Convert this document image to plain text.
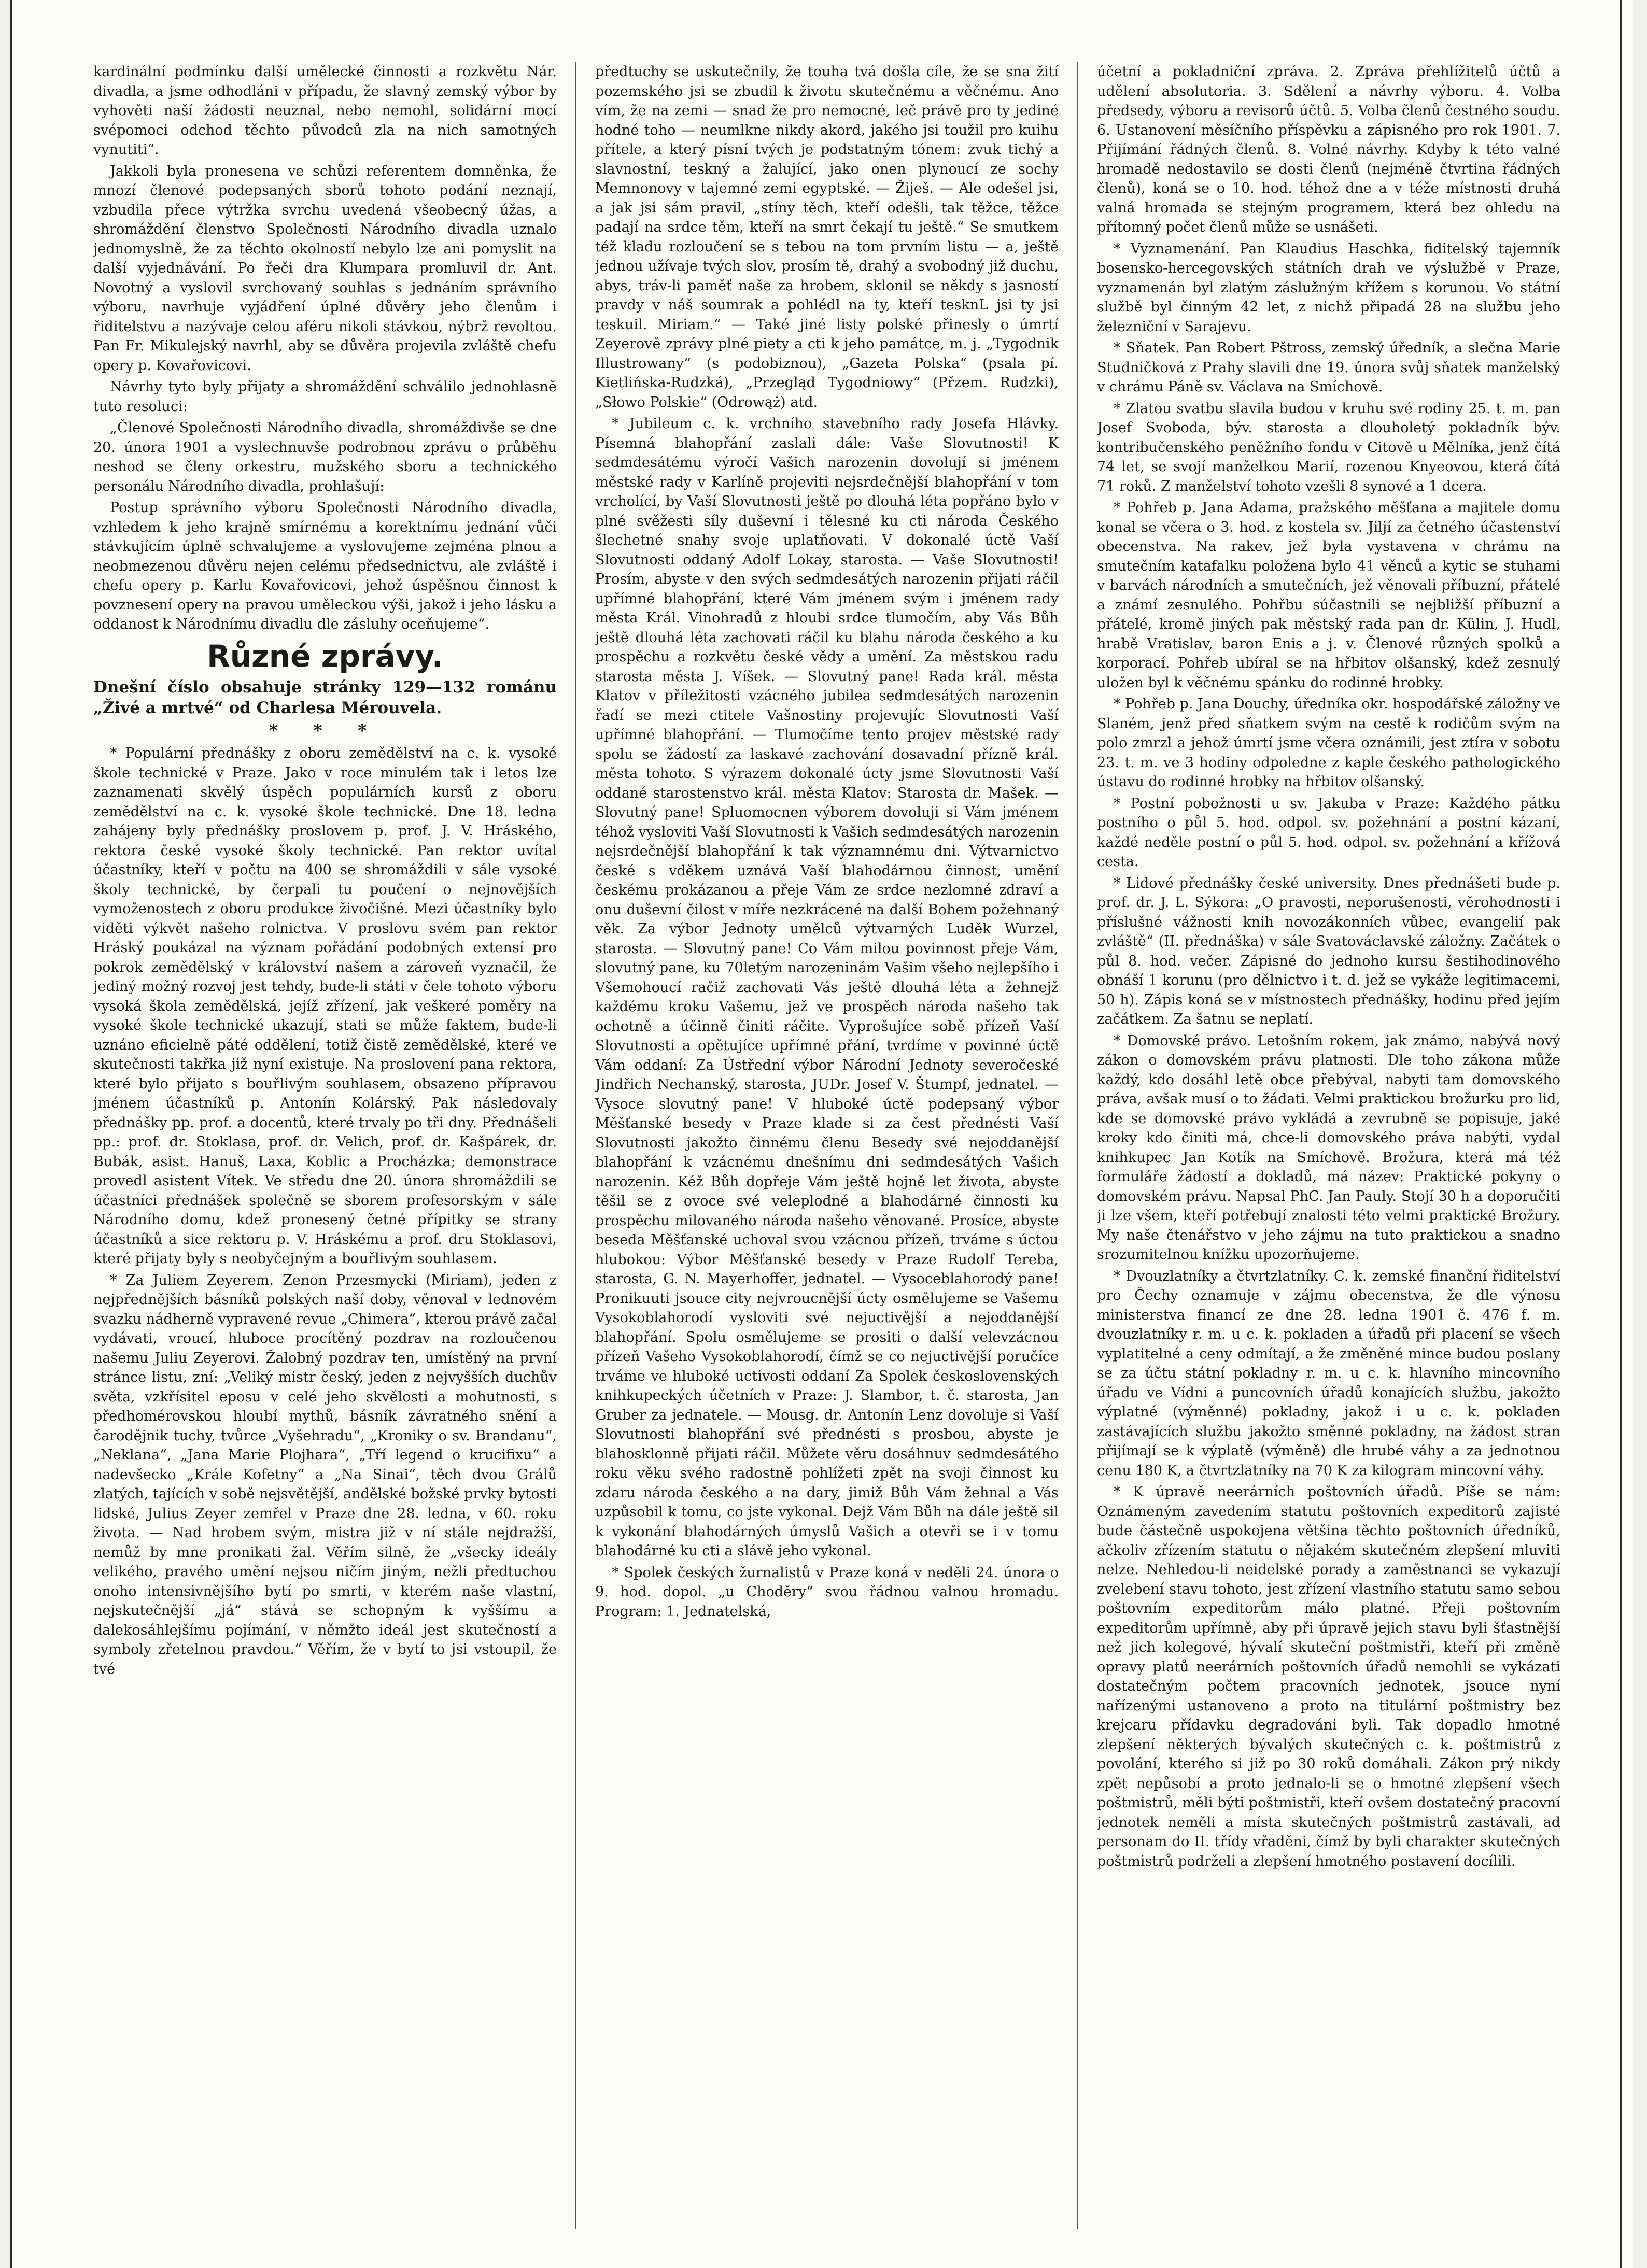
kardinální podmínku další umělecké činnosti a rozkvětu Nár. divadla, a jsme odhodláni v případu, že slavný zemský výbor by vyhověti naší žádosti neuznal, nebo nemohl, solidární mocí svépomoci odchod těchto původců zla na nich samotných vynutiti“.

Jakkoli byla pronesena ve schůzi referentem domněnka, že mnozí členové podepsaných sborů tohoto podání neznají, vzbudila přece výtržka svrchu uvedená všeobecný úžas, a shromáždění členstvo Společnosti Národního divadla uznalo jednomyslně, že za těchto okolností nebylo lze ani pomyslit na další vyjednávání. Po řeči dra Klumpara promluvil dr. Ant. Novotný a vyslovil svrchovaný souhlas s jednáním správního výboru, navrhuje vyjádření úplné důvěry jeho členům i řiditelstvu a nazývaje celou aféru nikoli stávkou, nýbrž revoltou. Pan Fr. Mikulejský navrhl, aby se důvěra projevila zvláště chefu opery p. Kovařovicovi.

Návrhy tyto byly přijaty a shromáždění schválilo jednohlasně tuto resoluci:

„Členové Společnosti Národního divadla, shromáždivše se dne 20. února 1901 a vyslechnuvše podrobnou zprávu o průběhu neshod se členy orkestru, mužského sboru a technického personálu Národního divadla, prohlašují:

Postup správního výboru Společnosti Národního divadla, vzhledem k jeho krajně smírnému a korektnímu jednání vůči stávkujícím úplně schvalujeme a vyslovujeme zejména plnou a neobmezenou důvěru nejen celému předsednictvu, ale zvláště i chefu opery p. Karlu Kovařovicovi, jehož úspěšnou činnost k povznesení opery na pravou uměleckou výši, jakož i jeho lásku a oddanost k Národnímu divadlu dle zásluhy oceňujeme“.

Různé zprávy.
Dnešní číslo obsahuje stránky 129—132 románu „Živé a mrtvé“ od Charlesa Mérouvela.
* * *

* Populární přednášky z oboru zemědělství na c. k. vysoké škole technické v Praze. Jako v roce minulém tak i letos lze zaznamenati skvělý úspěch populárních kursů z oboru zemědělství na c. k. vysoké škole technické. Dne 18. ledna zahájeny byly přednášky proslovem p. prof. J. V. Hráského, rektora české vysoké školy technické. Pan rektor uvítal účastníky, kteří v počtu na 400 se shromáždili v sále vysoké školy technické, by čerpali tu poučení o nejnovějších vymoženostech z oboru produkce živočišné. Mezi účastníky bylo viděti výkvět našeho rolnictva. V proslovu svém pan rektor Hráský poukázal na význam pořádání podobných extensí pro pokrok zemědělský v království našem a zároveň vyznačil, že jediný možný rozvoj jest tehdy, bude-li státi v čele tohoto výboru vysoká škola zemědělská, jejíž zřízení, jak veškeré poměry na vysoké škole technické ukazují, stati se může faktem, bude-li uznáno eficielně páté oddělení, totiž čistě zemědělské, které ve skutečnosti takřka již nyní existuje. Na proslovení pana rektora, které bylo přijato s bouřlivým souhlasem, obsazeno přípravou jménem účastníků p. Antonín Kolárský. Pak následovaly přednášky pp. prof. a docentů, které trvaly po tři dny. Přednášeli pp.: prof. dr. Stoklasa, prof. dr. Velich, prof. dr. Kašpárek, dr. Bubák, asist. Hanuš, Laxa, Koblic a Procházka; demonstrace provedl asistent Vítek. Ve středu dne 20. února shromáždili se účastníci přednášek společně se sborem profesorským v sále Národního domu, kdež pronesený četné přípitky se strany účastníků a sice rektoru p. V. Hráskému a prof. dru Stoklasovi, které přijaty byly s neobyčejným a bouřlivým souhlasem.

* Za Juliem Zeyerem. Zenon Przesmycki (Miriam), jeden z nejpřednějších básníků polských naší doby, věnoval v lednovém svazku nádherně vypravené revue „Chimera“, kterou právě začal vydávati, vroucí, hluboce procítěný pozdrav na rozloučenou našemu Juliu Zeyerovi. Žalobný pozdrav ten, umístěný na první stránce listu, zní: „Veliký mistr český, jeden z nejvyšších duchův světa, vzkřísitel eposu v celé jeho skvělosti a mohutnosti, s předhomérovskou hloubí mythů, básník závratného snění a čarodějnik tuchy, tvůrce „Vyšehradu“, „Kroniky o sv. Brandanu“, „Neklana“, „Jana Marie Plojhara“, „Tří legend o krucifixu“ a nadevšecko „Krále Kofetny“ a „Na Sinai“, těch dvou Grálů zlatých, tajících v sobě nejsvětější, andělské božské prvky bytosti lidské, Julius Zeyer zemřel v Praze dne 28. ledna, v 60. roku života. — Nad hrobem svým, mistra již v ní stále nejdražší, nemůž by mne pronikati žal. Věřím silně, že „všecky ideály velikého, pravého umění nejsou ničím jiným, nežli předtuchou onoho intensivnějšího bytí po smrti, v kterém naše vlastní, nejskutečnější „já“ stává se schopným k vyššímu a dalekosáhlejšímu pojímání, v němžto ideál jest skutečností a symboly zřetelnou pravdou.“ Věřím, že v bytí to jsi vstoupil, že tvé

předtuchy se uskutečnily, že touha tvá došla cíle, že se sna žití pozemského jsi se zbudil k životu skutečnému a věčnému. Ano vím, že na zemi — snad že pro nemocné, leč právě pro ty jediné hodné toho — neumlkne nikdy akord, jakého jsi toužil pro kuihu přítele, a který písní tvých je podstatným tónem: zvuk tichý a slavnostní, teskný a žalující, jako onen plynoucí ze sochy Memnonovy v tajemné zemi egyptské. — Žiješ. — Ale odešel jsi, a jak jsi sám pravil, „stíny těch, kteří odešli, tak těžce, těžce padají na srdce těm, kteří na smrt čekají tu ještě.“ Se smutkem též kladu rozloučení se s tebou na tom prvním listu — a, ještě jednou užívaje tvých slov, prosím tě, drahý a svobodný již duchu, abys, tráv-li paměť naše za hrobem, sklonil se někdy s jasností pravdy v náš soumrak a pohlédl na ty, kteří tesknL jsi ty jsi teskuil. Miriam.“ — Také jiné listy polské přinesly o úmrtí Zeyerově zprávy plné piety a cti k jeho památce, m. j. „Tygodnik Illustrowany“ (s podobiznou), „Gazeta Polska“ (psala pí. Kietlińska-Rudzká), „Przegląd Tygodniowy“ (Přzem. Rudzki), „Słowo Polskie“ (Odrowąż) atd.

* Jubileum c. k. vrchního stavebního rady Josefa Hlávky. Písemná blahopřání zaslali dále: Vaše Slovutnosti! K sedmdesátému výročí Vašich narozenin dovolují si jménem městské rady v Karlíně projeviti nejsrdečnější blahopřání v tom vrcholící, by Vaší Slovutnosti ještě po dlouhá léta popřáno bylo v plné svěžesti síly duševní i tělesné ku cti národa Českého šlechetné snahy svoje uplatňovati. V dokonalé úctě Vaší Slovutnosti oddaný Adolf Lokay, starosta. — Vaše Slovutnosti! Prosím, abyste v den svých sedmdesátých narozenin přijati ráčil upřímné blahopřání, které Vám jménem svým i jménem rady města Král. Vinohradů z hloubi srdce tlumočím, aby Vás Bůh ještě dlouhá léta zachovati ráčil ku blahu národa českého a ku prospěchu a rozkvětu české vědy a umění. Za městskou radu starosta města J. Víšek. — Slovutný pane! Rada král. města Klatov v příležitosti vzácného jubilea sedmdesátých narozenin řadí se mezi ctitele Vašnostiny projevujíc Slovutnosti Vaší upřímné blahopřání. — Tlumočíme tento projev městské rady spolu se žádostí za laskavé zachování dosavadní přízně král. města tohoto. S výrazem dokonalé úcty jsme Slovutnosti Vaší oddané starostenstvo král. města Klatov: Starosta dr. Mašek. — Slovutný pane! Spluomocnen výborem dovoluji si Vám jménem téhož vysloviti Vaší Slovutnosti k Vašich sedmdesátých narozenin nejsrdečnější blahopřání k tak významnému dni. Výtvarnictvo české s vděkem uznává Vaší blahodárnou činnost, umění českému prokázanou a přeje Vám ze srdce nezlomné zdraví a onu duševní čilost v míře nezkrácené na další Bohem požehnaný věk. Za výbor Jednoty umělců výtvarných Luděk Wurzel, starosta. — Slovutný pane! Co Vám milou povinnost přeje Vám, slovutný pane, ku 70letým narozeninám Vašim všeho nejlepšího i Všemohoucí račiž zachovati Vás ještě dlouhá léta a žehnejž každému kroku Vašemu, jež ve prospěch národa našeho tak ochotně a účinně činiti ráčite. Vyprošujíce sobě přízeň Vaší Slovutnosti a opětujíce upřímné přání, tvrdíme v povinné úctě Vám oddaní: Za Ústřední výbor Národní Jednoty severočeské Jindřich Nechanský, starosta, JUDr. Josef V. Štumpf, jednatel. — Vysoce slovutný pane! V hluboké úctě podepsaný výbor Měšťanské besedy v Praze klade si za čest přednésti Vaší Slovutnosti jakožto činnému členu Besedy své nejoddanější blahopřání k vzácnému dnešnímu dni sedmdesátých Vašich narozenin. Kéž Bůh dopřeje Vám ještě hojně let života, abyste těšil se z ovoce své veleplodné a blahodárné činnosti ku prospěchu milovaného národa našeho věnované. Prosíce, abyste beseda Měšťanské uchoval svou vzácnou přízeň, trváme s úctou hlubokou: Výbor Měšťanské besedy v Praze Rudolf Tereba, starosta, G. N. Mayerhoffer, jednatel. — Vysoceblahorodý pane! Pronikuuti jsouce city nejvroucnější úcty osmělujeme se Vašemu Vysokoblahorodí vysloviti své nejuctivější a nejoddanější blahopřání. Spolu osmělujeme se prositi o další velevzácnou přízeň Vašeho Vysokoblahorodí, čímž se co nejuctivější poručíce trváme ve hluboké uctivosti oddaní Za Spolek československých knihkupeckých účetních v Praze: J. Slambor, t. č. starosta, Jan Gruber za jednatele. — Mousg. dr. Antonín Lenz dovoluje si Vaší Slovutnosti blahopřání své přednésti s prosbou, abyste je blahosklonně přijati ráčil. Můžete věru dosáhnuv sedmdesátého roku věku svého radostně pohlížeti zpět na svoji činnost ku zdaru národa českého a na dary, jimiž Bůh Vám žehnal a Vás uzpůsobil k tomu, co jste vykonal. Dejž Vám Bůh na dále ještě sil k vykonání blahodárných úmyslů Vašich a otevři se i v tomu blahodárné ku cti a slávě jeho vykonal.

* Spolek českých žurnalistů v Praze koná v neděli 24. února o 9. hod. dopol. „u Choděry“ svou řádnou valnou hromadu. Program: 1. Jednatelská,

účetní a pokladniční zpráva. 2. Zpráva přehlížitelů účtů a udělení absolutoria. 3. Sdělení a návrhy výboru. 4. Volba předsedy, výboru a revisorů účtů. 5. Volba členů čestného soudu. 6. Ustanovení měsíčního příspěvku a zápisného pro rok 1901. 7. Přijímání řádných členů. 8. Volné návrhy. Kdyby k této valné hromadě nedostavilo se dosti členů (nejméně čtvrtina řádných členů), koná se o 10. hod. téhož dne a v téže místnosti druhá valná hromada se stejným programem, která bez ohledu na přítomný počet členů může se usnášeti.

* Vyznamenání. Pan Klaudius Haschka, fiditelský tajemník bosensko-hercegovských státních drah ve výslužbě v Praze, vyznamenán byl zlatým záslužným křížem s korunou. Vo státní službě byl činným 42 let, z nichž připadá 28 na službu jeho železniční v Sarajevu.

* Sňatek. Pan Robert Pštross, zemský úředník, a slečna Marie Studničková z Prahy slavili dne 19. února svůj sňatek manželský v chrámu Páně sv. Václava na Smíchově.

* Zlatou svatbu slavila budou v kruhu své rodiny 25. t. m. pan Josef Svoboda, býv. starosta a dlouholetý pokladník býv. kontribučenského peněžního fondu v Citově u Mělníka, jenž čítá 74 let, se svojí manželkou Marií, rozenou Knyeovou, která čítá 71 roků. Z manželství tohoto vzešli 8 synové a 1 dcera.

* Pohřeb p. Jana Adama, pražského měšťana a majitele domu konal se včera o 3. hod. z kostela sv. Jiljí za četného účastenství obecenstva. Na rakev, jež byla vystavena v chrámu na smutečním katafalku položena bylo 41 věnců a kytic se stuhami v barvách národních a smutečních, jež věnovali příbuzní, přátelé a známí zesnulého. Pohřbu súčastnili se nejbližší příbuzní a přátelé, kromě jiných pak městský rada pan dr. Külin, J. Hudl, hrabě Vratislav, baron Enis a j. v. Členové různých spolků a korporací. Pohřeb ubíral se na hřbitov olšanský, kdež zesnulý uložen byl k věčnému spánku do rodinné hrobky.

* Pohřeb p. Jana Douchy, úředníka okr. hospodářské záložny ve Slaném, jenž před sňatkem svým na cestě k rodičům svým na polo zmrzl a jehož úmrtí jsme včera oznámili, jest ztíra v sobotu 23. t. m. ve 3 hodiny odpoledne z kaple českého pathologického ústavu do rodinné hrobky na hřbitov olšanský.

* Postní pobožnosti u sv. Jakuba v Praze: Každého pátku postního o půl 5. hod. odpol. sv. požehnání a postní kázaní, každé neděle postní o půl 5. hod. odpol. sv. požehnání a křížová cesta.

* Lidové přednášky české university. Dnes přednášeti bude p. prof. dr. J. L. Sýkora: „O pravosti, neporušenosti, věrohodnosti i příslušné vážnosti knih novozákonních vůbec, evangelií pak zvláště“ (II. přednáška) v sále Svatováclavské záložny. Začátek o půl 8. hod. večer. Zápisné do jednoho kursu šestihodinového obnáší 1 korunu (pro dělnictvo i t. d. jež se vykáže legitimacemi, 50 h). Zápis koná se v místnostech přednášky, hodinu před jejím začátkem. Za šatnu se neplatí.

* Domovské právo. Letošním rokem, jak známo, nabývá nový zákon o domovském právu platnosti. Dle toho zákona může každý, kdo dosáhl letě obce přebýval, nabyti tam domovského práva, avšak musí o to žádati. Velmi praktickou brožurku pro lid, kde se domovské právo vykládá a zevrubně se popisuje, jaké kroky kdo činiti má, chce-li domovského práva nabýti, vydal knihkupec Jan Kotík na Smíchově. Brožura, která má též formuláře žádostí a dokladů, má název: Praktické pokyny o domovském právu. Napsal PhC. Jan Pauly. Stojí 30 h a doporučiti ji lze všem, kteří potřebují znalosti této velmi praktické Brožury. My naše čtenářstvo v jeho zájmu na tuto praktickou a snadno srozumitelnou knížku upozorňujeme.

* Dvouzlatníky a čtvrtzlatníky. C. k. zemské finanční řiditelství pro Čechy oznamuje v zájmu obecenstva, že dle výnosu ministerstva financí ze dne 28. ledna 1901 č. 476 f. m. dvouzlatníky r. m. u c. k. pokladen a úřadů při placení se všech vyplatitelné a ceny odmítají, a že změněné mince budou poslany se za účtu státní pokladny r. m. u c. k. hlavního mincovního úřadu ve Vídni a puncovních úřadů konajících službu, jakožto výplatné (výměnné) pokladny, jakož i u c. k. pokladen zastávajících službu jakožto směnné pokladny, na žádost stran přijímají se k výplatě (výměně) dle hrubé váhy a za jednotnou cenu 180 K, a čtvrtzlatníky na 70 K za kilogram mincovní váhy.

* K úpravě neerárních poštovních úřadů. Píše se nám: Oznámeným zavedením statutu poštovních expeditorů zajisté bude částečně uspokojena většina těchto poštovních úředníků, ačkoliv zřízením statutu o nějakém skutečném zlepšení mluviti nelze. Nehledou-li neidelské porady a zaměstnanci se vykazují zvelebení stavu tohoto, jest zřízení vlastního statutu samo sebou poštovním expeditorům málo platné. Přeji poštovním expeditorům upřímně, aby při úpravě jejich stavu byli šťastnější než jich kolegové, hývalí skuteční poštmistři, kteří při změně opravy platů neerárních poštovních úřadů nemohli se vykázati dostatečným počtem pracovních jednotek, jsouce nyní nařízenými ustanoveno a proto na titulární poštmistry bez krejcaru přídavku degradováni byli. Tak dopadlo hmotné zlepšení některých bývalých skutečných c. k. poštmistrů z povolání, kterého si již po 30 roků domáhali. Zákon prý nikdy zpět nepůsobí a proto jednalo-li se o hmotné zlepšení všech poštmistrů, měli býti poštmistři, kteří ovšem dostatečný pracovní jednotek neměli a místa skutečných poštmistrů zastávali, ad personam do II. třídy vřaděni, čímž by byli charakter skutečných poštmistrů podrželi a zlepšení hmotného postavení docílili.
